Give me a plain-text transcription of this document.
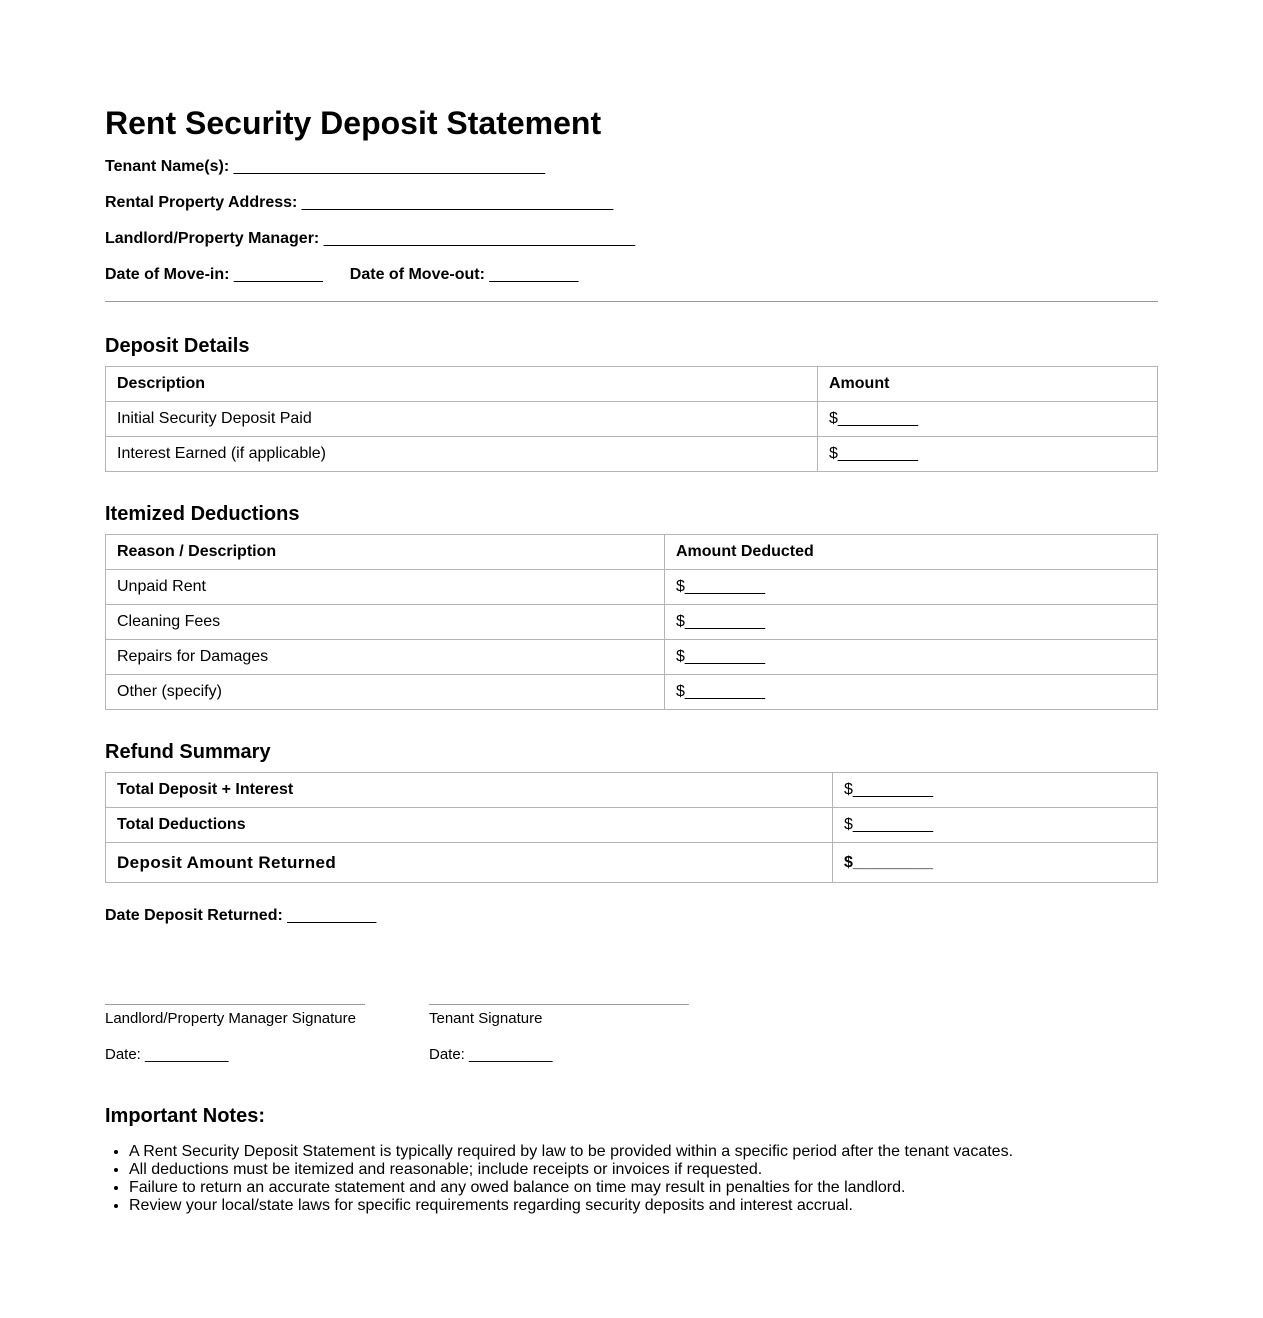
Rent Security Deposit Statement
Tenant Name(s): ___________________________________
Rental Property Address: ___________________________________
Landlord/Property Manager: ___________________________________
Date of Move-in: __________ Date of Move-out: __________
Deposit Details
Description	Amount
Initial Security Deposit Paid	$_________
Interest Earned (if applicable)	$_________
Itemized Deductions
Reason / Description	Amount Deducted
Unpaid Rent	$_________
Cleaning Fees	$_________
Repairs for Damages	$_________
Other (specify)	$_________
Refund Summary
Total Deposit + Interest	$_________
Total Deductions	$_________
Deposit Amount Returned	$_________
Date Deposit Returned: __________
Landlord/Property Manager Signature
Date: __________
Tenant Signature
Date: __________
Important Notes:
• A Rent Security Deposit Statement is typically required by law to be provided within a specific period after the tenant vacates.
• All deductions must be itemized and reasonable; include receipts or invoices if requested.
• Failure to return an accurate statement and any owed balance on time may result in penalties for the landlord.
• Review your local/state laws for specific requirements regarding security deposits and interest accrual.
